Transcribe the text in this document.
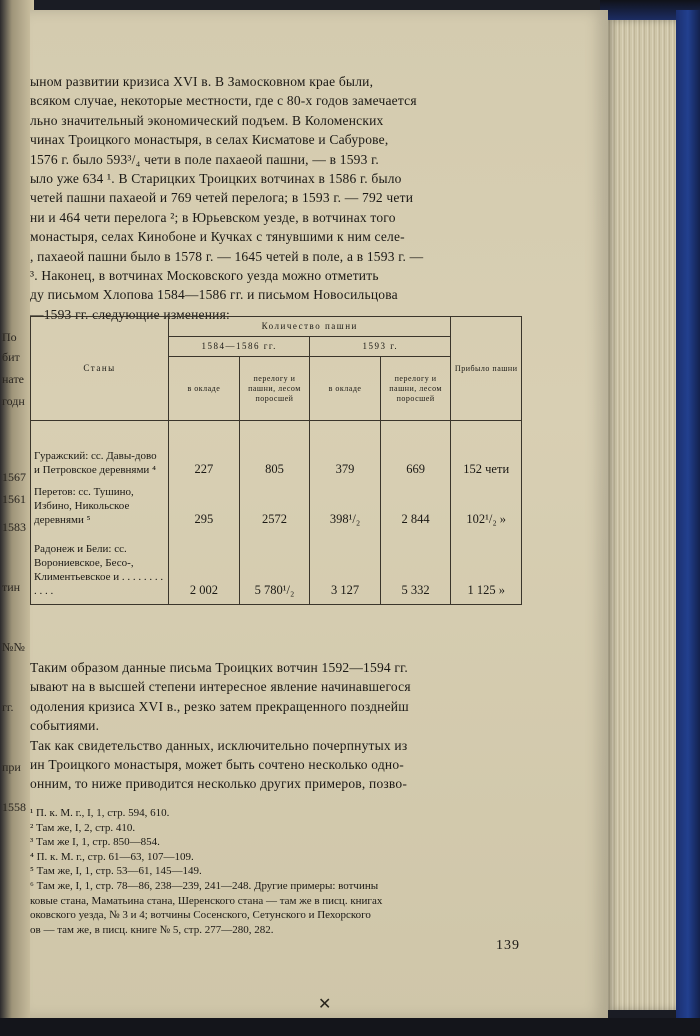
По
бит
нате
годн
1567
1561
1583
тин
№№
гг.
при
1558
ыном развитии кризиса XVI в. В Замосковном крае были,
всяком случае, некоторые местности, где с 80-х годов замечается
льно значительный экономический подъем. В Коломенских
чинах Троицкого монастыря, в селах Кисматове и Сабурове,
1576 г. было 593³/₄ чети в поле пахаеой пашни, — в 1593 г.
ыло уже 634 ¹. В Старицких Троицких вотчинах в 1586 г. было
четей пашни пахаеой и 769 четей перелога; в 1593 г. — 792 чети
ни и 464 чети перелога ²; в Юрьевском уезде, в вотчинах того
монастыря, селах Кинобоне и Кучках с тянувшими к ним селе-
, пахаеой пашни было в 1578 г. — 1645 четей в поле, а в 1593 г. —
³. Наконец, в вотчинах Московского уезда можно отметить
ду письмом Хлопова 1584—1586 гг. и письмом Новосильцова
—1593 гг. следующие изменения:
Станы	Количество пашни				Прибыло пашни
	1584—1586 гг.		1593 г.		
	в окладе	перелогу и пашни, лесом поросшей	в окладе	перелогу и пашни, лесом поросшей	
Гуражский: сс. Давы-дово и Петровское деревнями ⁴	227	805	379	669	152 чети
Перетов: сс. Тушино, Избино, Никольское деревнями ⁵	295	2572	398¹/₂	2 844	102¹/₂ »
Радонеж и Бели: сс. Ворониевское, Бесо-, Климентьевское и . . . . . . . . . . . .	2 002	5 780¹/₂	3 127	5 332	1 125 »
Таким образом данные письма Троицких вотчин 1592—1594 гг.
ывают на в высшей степени интересное явление начинавшегося
одоления кризиса XVI в., резко затем прекращенного позднейш
событиями.
Так как свидетельство данных, исключительно почерпнутых из
ин Троицкого монастыря, может быть сочтено несколько одно-
онним, то ниже приводится несколько других примеров, позво-
¹ П. к. М. г., I, 1, стр. 594, 610.
² Там же, I, 2, стр. 410.
³ Там же I, 1, стр. 850—854.
⁴ П. к. М. г., стр. 61—63, 107—109.
⁵ Там же, I, 1, стр. 53—61, 145—149.
⁶ Там же, I, 1, стр. 78—86, 238—239, 241—248. Другие примеры: вотчины
ковые стана, Маматьина стана, Шеренского стана — там же в писц. книгах
оковского уезда, № 3 и 4; вотчины Сосенского, Сетунского и Пехорского
ов — там же, в писц. книге № 5, стр. 277—280, 282.
139
✕
